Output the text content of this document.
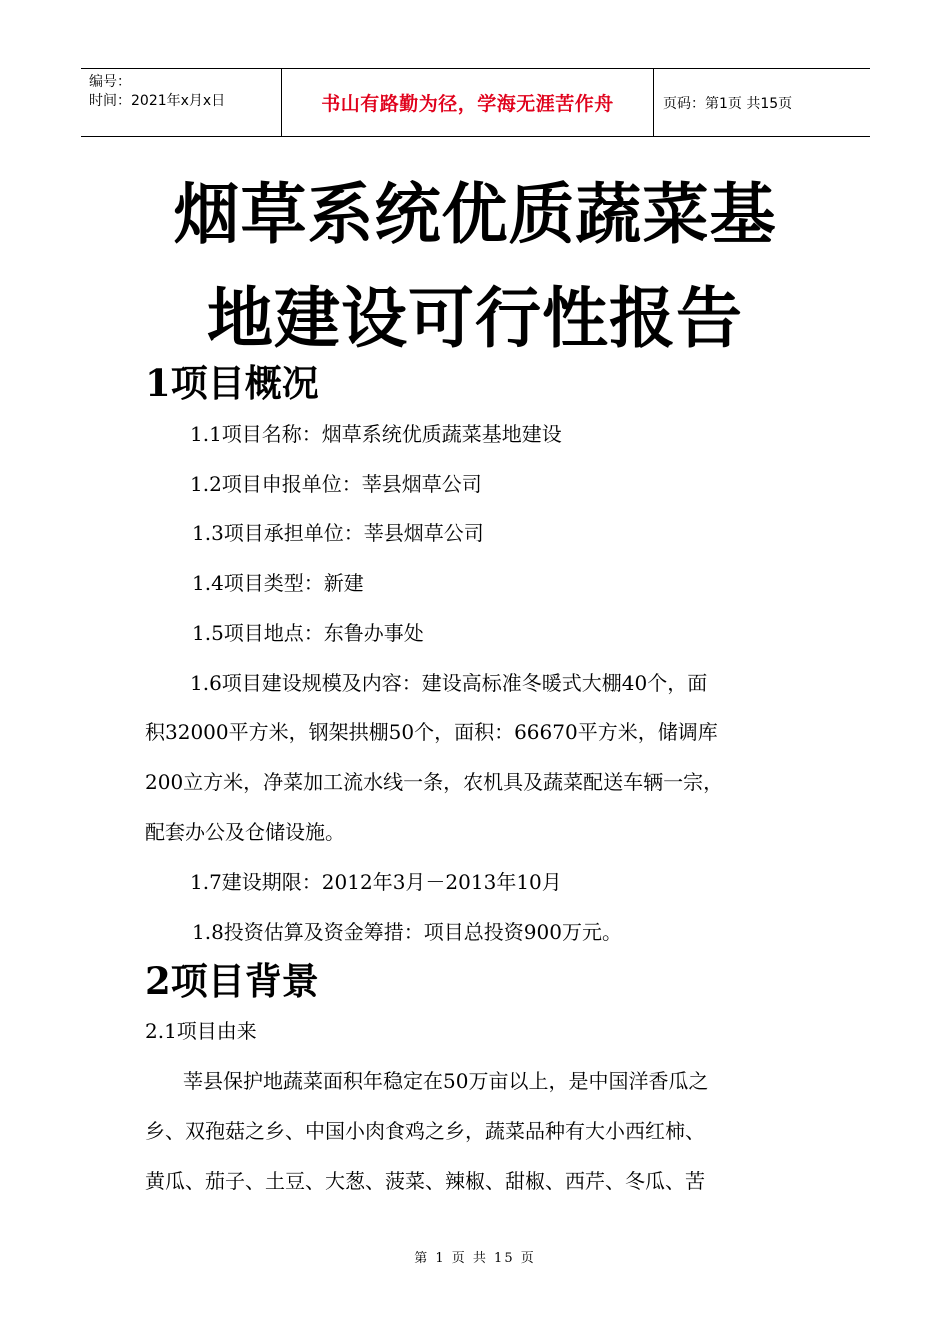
编号：
时间：2021年x月x日	书山有路勤为径，学海无涯苦作舟	页码：第1页 共15页
烟草系统优质蔬菜基
地建设可行性报告
1项目概况
1.1项目名称：烟草系统优质蔬菜基地建设
1.2项目申报单位：莘县烟草公司
1.3项目承担单位：莘县烟草公司
1.4项目类型：新建
1.5项目地点：东鲁办事处
1.6项目建设规模及内容：建设高标准冬暖式大棚40个，面
积32000平方米，钢架拱棚50个，面积：66670平方米，储调库
200立方米，净菜加工流水线一条，农机具及蔬菜配送车辆一宗，
配套办公及仓储设施。
1.7建设期限：2012年3月－2013年10月
1.8投资估算及资金筹措：项目总投资900万元。
2项目背景
2.1项目由来
莘县保护地蔬菜面积年稳定在50万亩以上，是中国洋香瓜之
乡、双孢菇之乡、中国小肉食鸡之乡，蔬菜品种有大小西红柿、
黄瓜、茄子、土豆、大葱、菠菜、辣椒、甜椒、西芹、冬瓜、苦
第 1 页 共 15 页
